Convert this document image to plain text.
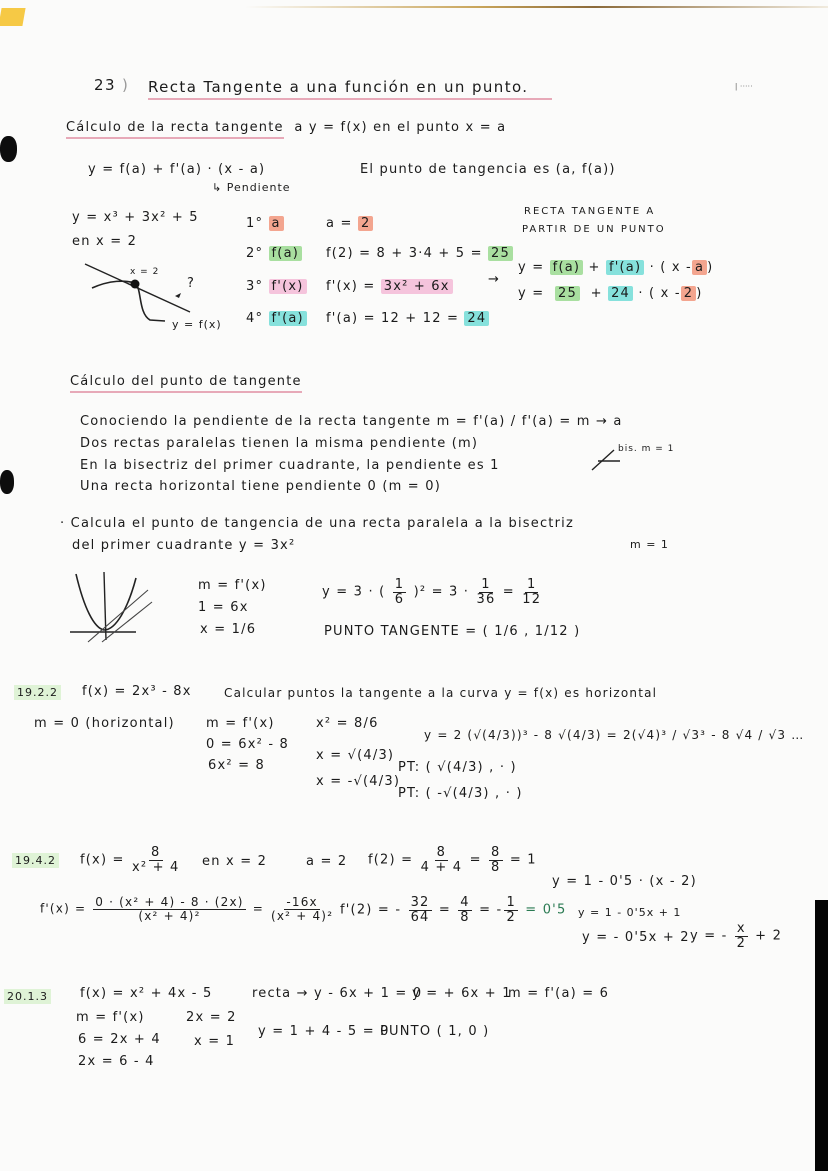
ǀ ·····
23 ) Recta Tangente a una función en un punto.
Cálculo de la recta tangente a y = f(x) en el punto x = a
y = f(a) + f'(a) · (x - a)
↳ Pendiente
El punto de tangencia es (a, f(a))
y = x³ + 3x² + 5
en x = 2
x = 2
?
y = f(x)
1° a	a = 2
2° f(a) f(2) = 8 + 3·4 + 5 = 25
3° f'(x) f'(x) = 3x² + 6x
4° f'(a) f'(a) = 12 + 12 = 24
RECTA TANGENTE A
PARTIR DE UN PUNTO
→
y = f(a) + f'(a) · ( x - a )
y = 25 + 24 · ( x - 2 )
Cálculo del punto de tangente
Conociendo la pendiente de la recta tangente m = f'(a) / f'(a) = m → a
Dos rectas paralelas tienen la misma pendiente (m)
En la bisectriz del primer cuadrante, la pendiente es 1
Una recta horizontal tiene pendiente 0 (m = 0)
bis. m = 1
· Calcula el punto de tangencia de una recta paralela a la bisectriz
del primer cuadrante y = 3x²	m = 1
m = f'(x)
1 = 6x
x = 1/6
y = 3 · ( $\frac{1}{6} )^2 = 3 \cdot \frac{1}{36} = \frac{1}{12}$
PUNTO TANGENTE = ( 1/6 , 1/12 )
19.2.2 f(x) = 2x³ - 8x	Calcular puntos la tangente a la curva y = f(x) es horizontal
m = 0 (horizontal) m = f'(x)
0 = 6x² - 8
6x² = 8
x² = 8/6
x = √(4/3)
x = -√(4/3)
y = 2 (√(4/3))³ - 8 √(4/3) = 2(√4)³ / √3³ - 8 √4 / √3 …
PT: ( √(4/3) , · )
PT: ( -√(4/3) , · )
19.4.2 $f(x) = \frac{8}{\text{x² + 4}}$ en x = 2	a = 2 $f(2) = \frac{8}{4 + 4} = \frac{8}{8} = 1$
$f'(x) = \frac{\text{0 · (x² + 4) - 8 · (2x)}}{\text{(x² + 4)²}} = \frac{-16x}{\text{(x² + 4)²}} f'(2)$ = - $\frac{32}{64} = \frac{4}{8}$ = - $\frac{1}{2} = 0'5$
y = 1 - 0'5 · (x - 2)
y = 1 - 0'5x + 1
y = - 0'5x + 2 y = - $\frac{x}{2} + 2$
20.1.3 f(x) = x² + 4x - 5	recta → y - 6x + 1 = 0
y = + 6x + 1
m = f'(a) = 6
m = f'(x)
6 = 2x + 4
2x = 6 - 4
2x = 2
x = 1
y = 1 + 4 - 5 = 0
PUNTO ( 1, 0 )
